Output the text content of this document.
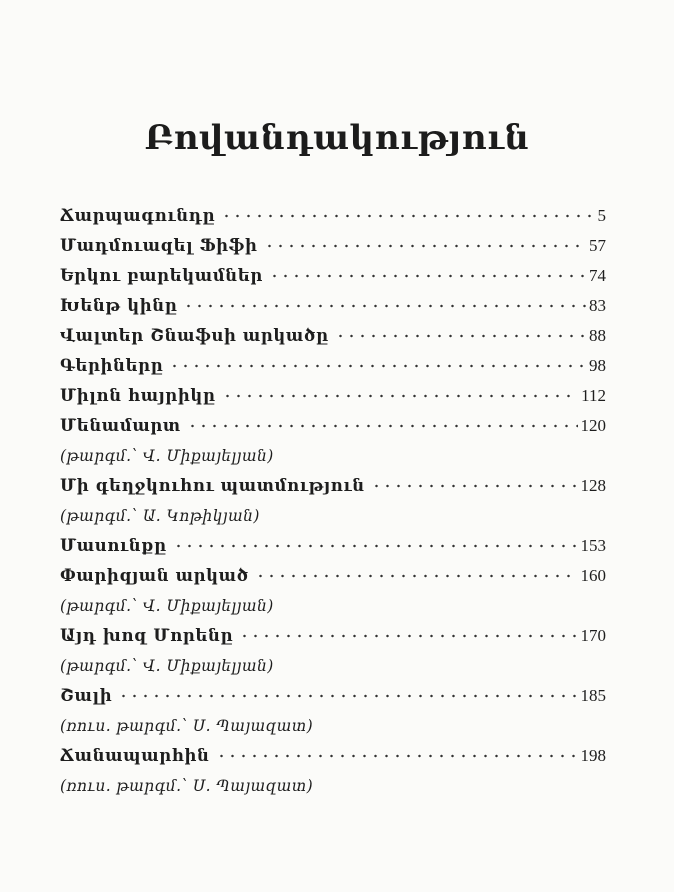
Բովանդակություն
Ճարպագունդը	5
Մադմուազել Ֆիֆի	57
Երկու բարեկամներ	74
Խենթ կինը	83
Վալտեր Շնաֆսի արկածը	88
Գերիները	98
Միլոն հայրիկը	112
Մենամարտ	120
(թարգմ.՝ Վ. Միքայելյան)
Մի գեղջկուհու պատմություն	128
(թարգմ.՝ Ա. Կոթիկյան)
Մասունքը	153
Փարիզյան արկած	160
(թարգմ.՝ Վ. Միքայելյան)
Այդ խոզ Մորենը	170
(թարգմ.՝ Վ. Միքայելյան)
Շալի	185
(ռուս. թարգմ.՝ Ս. Պայազատ)
Ճանապարհին	198
(ռուս. թարգմ.՝ Ս. Պայազատ)
